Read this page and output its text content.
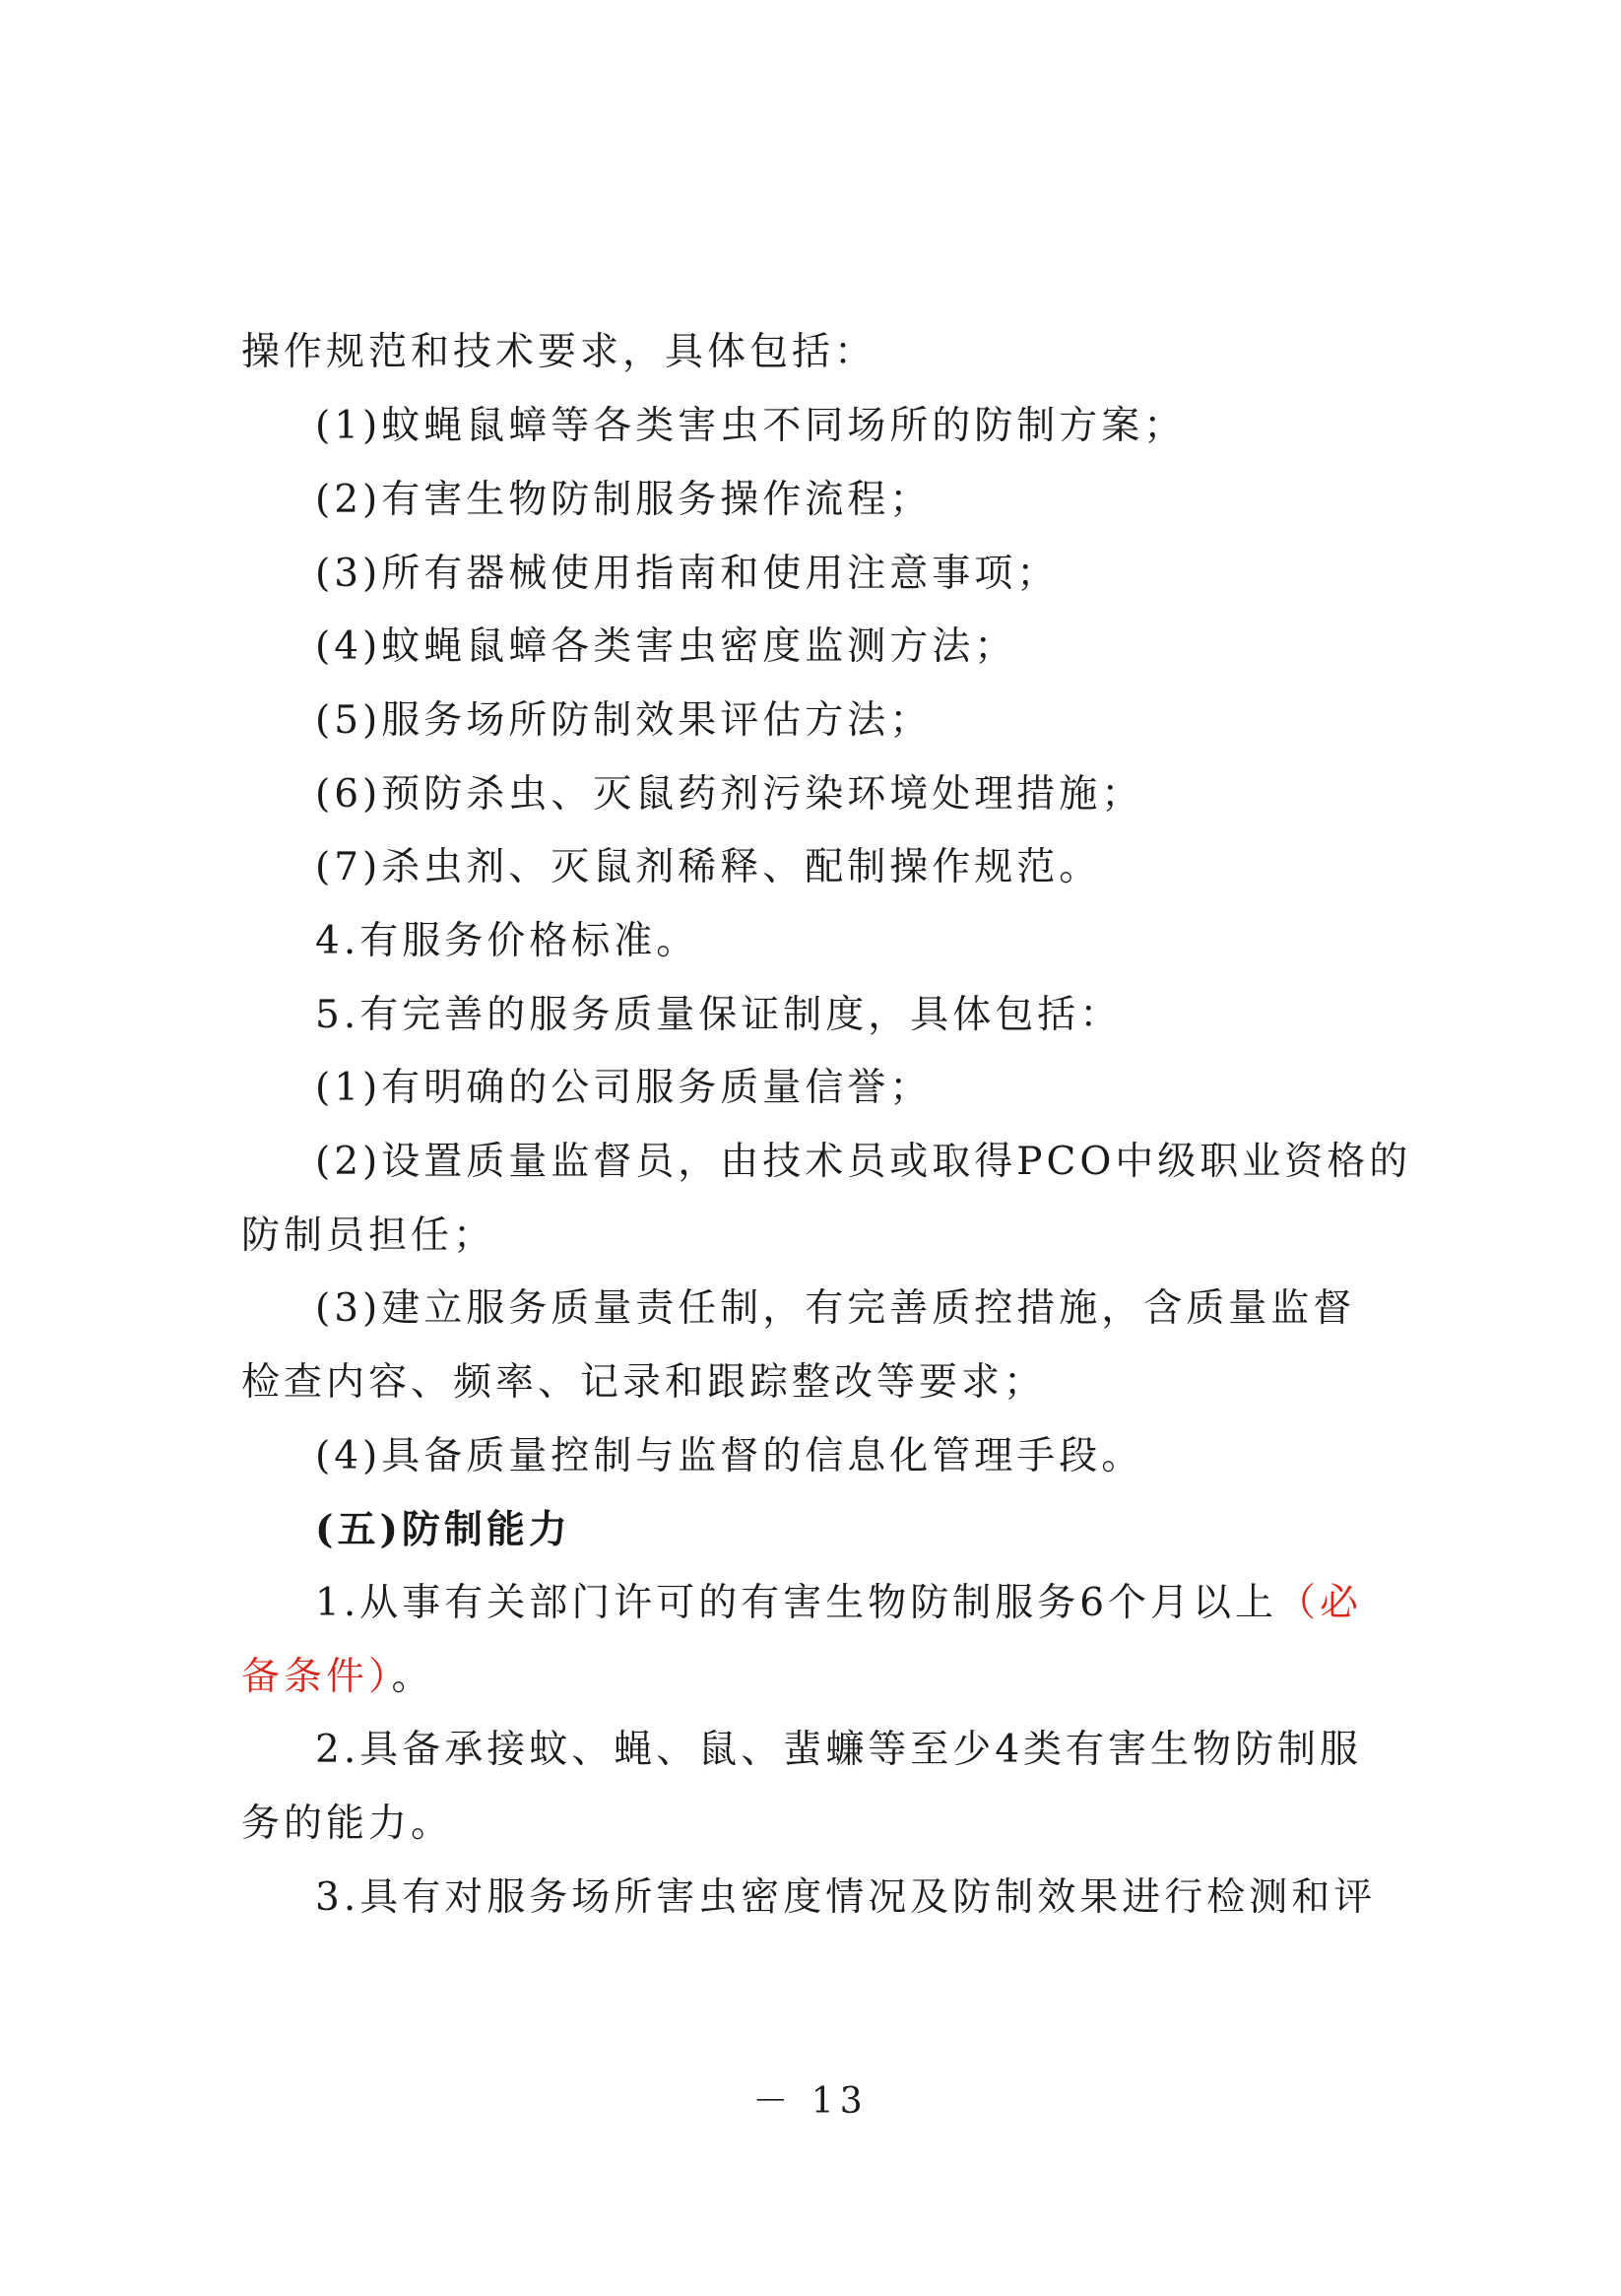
操作规范和技术要求，具体包括：
(1)蚊蝇鼠蟑等各类害虫不同场所的防制方案；
(2)有害生物防制服务操作流程；
(3)所有器械使用指南和使用注意事项；
(4)蚊蝇鼠蟑各类害虫密度监测方法；
(5)服务场所防制效果评估方法；
(6)预防杀虫、灭鼠药剂污染环境处理措施；
(7)杀虫剂、灭鼠剂稀释、配制操作规范。
4.有服务价格标准。
5.有完善的服务质量保证制度，具体包括：
(1)有明确的公司服务质量信誉；
(2)设置质量监督员，由技术员或取得PCO中级职业资格的
防制员担任；
(3)建立服务质量责任制，有完善质控措施，含质量监督
检查内容、频率、记录和跟踪整改等要求；
(4)具备质量控制与监督的信息化管理手段。
(五)防制能力
1.从事有关部门许可的有害生物防制服务6个月以上（必
备条件）。
2.具备承接蚊、蝇、鼠、蜚蠊等至少4类有害生物防制服
务的能力。
3.具有对服务场所害虫密度情况及防制效果进行检测和评
－ 13
